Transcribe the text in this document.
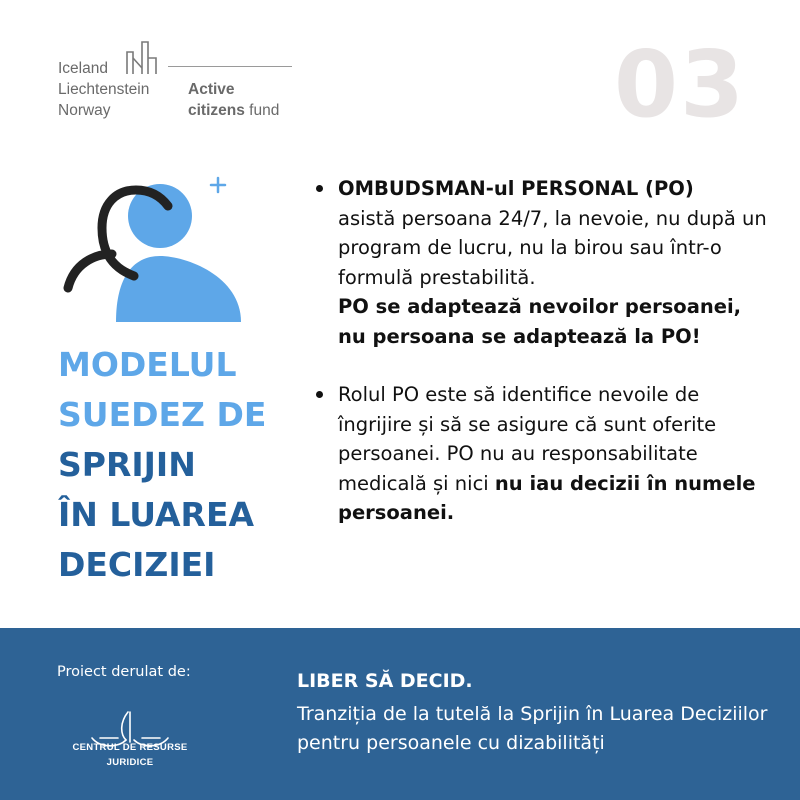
Iceland
Liechtenstein
Norway
Active
citizens fund	03
MODELUL
SUEDEZ DE
SPRIJIN
ÎN LUAREA
DECIZIEI
OMBUDSMAN-ul PERSONAL (PO)
asistă persoana 24/7, la nevoie, nu după un program de lucru, nu la birou sau într-o formulă prestabilită.
PO se adaptează nevoilor persoanei, nu persoana se adaptează la PO!
Rolul PO este să identifice nevoile de îngrijire și să se asigure că sunt oferite persoanei. PO nu au responsabilitate medicală și nici nu iau decizii în numele persoanei.
Proiect derulat de:
CENTRUL DE RESURSE
JURIDICE
LIBER SĂ DECID.
Tranziția de la tutelă la Sprijin în Luarea Deciziilor pentru persoanele cu dizabilități
